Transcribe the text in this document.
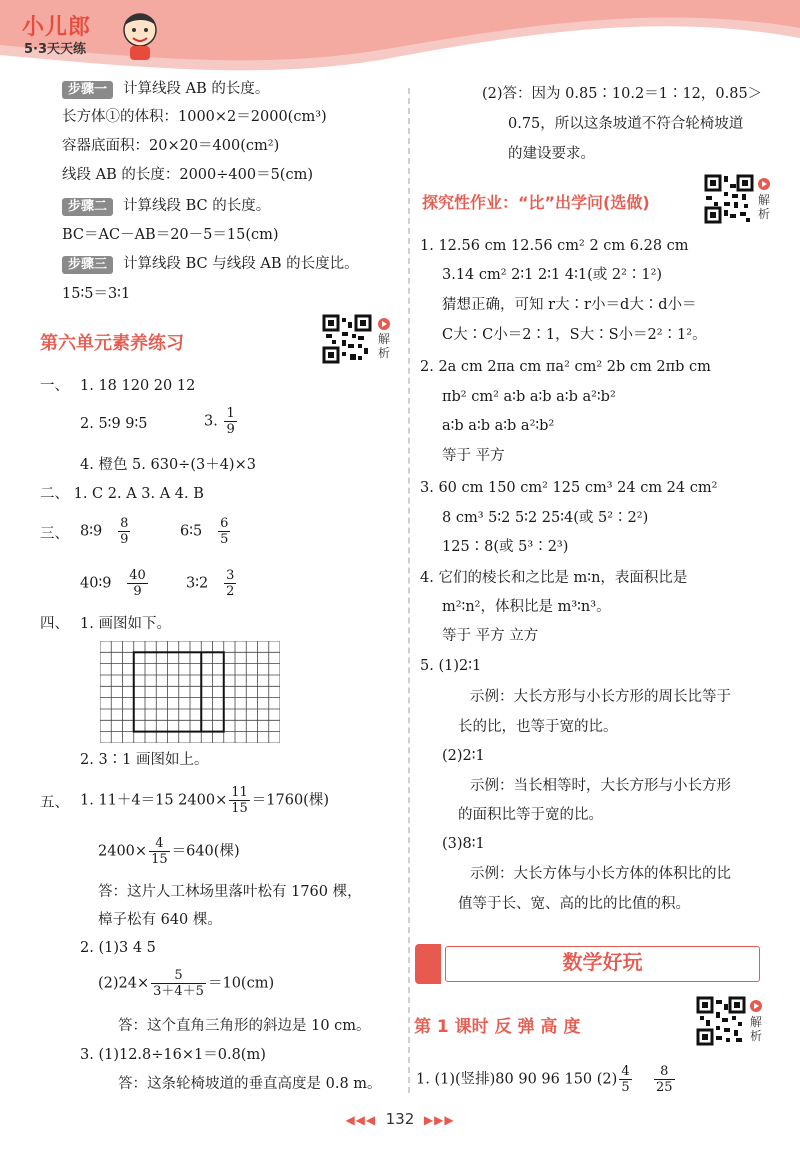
小儿郎
5·3天天练
步骤一 计算线段 AB 的长度。
长方体①的体积：1000×2＝2000(cm³)
容器底面积：20×20＝400(cm²)
线段 AB 的长度：2000÷400＝5(cm)
步骤二 计算线段 BC 的长度。
BC＝AC－AB＝20－5＝15(cm)
步骤三 计算线段 BC 与线段 AB 的长度比。
15∶5＝3∶1
第六单元素养练习	解析
一、 1. 18 120 20 12
2. 5∶9 9∶5	3. $\frac{1}{9}$
4. 橙色 5. 630÷(3＋4)×3
二、 1. C 2. A 3. A 4. B
三、 8∶9 $\frac{8}{9}$	6∶5 $\frac{6}{5}$
40∶9 $\frac{40}{9}$	3∶2 $\frac{3}{2}$
四、 1. 画图如下。
2. 3∶1 画图如上。
五、 1. 11＋4＝15 $2400\times \frac{11}{15} =1760$(棵)
$2400\times \frac{4}{15} =640$(棵)
答：这片人工林场里落叶松有 1760 棵，
樟子松有 640 棵。
2. (1)3 4 5
$(2)24\times \frac{5}{3+4+5} =10(cm)$
答：这个直角三角形的斜边是 10 cm。
3. (1)12.8÷16×1＝0.8(m)
答：这条轮椅坡道的垂直高度是 0.8 m。
(2)答：因为 0.85∶10.2＝1∶12，0.85＞
0.75，所以这条坡道不符合轮椅坡道
的建设要求。
探究性作业：“比”出学问(选做)	解析
1. 12.56 cm 12.56 cm² 2 cm 6.28 cm
3.14 cm² 2∶1 2∶1 4∶1(或 2²∶1²)
猜想正确，可知 r大∶r小＝d大∶d小＝
C大∶C小＝2∶1，S大∶S小＝2²∶1²。
2. 2a cm 2πa cm πa² cm² 2b cm 2πb cm
πb² cm² a∶b a∶b a∶b a²∶b²
a∶b a∶b a∶b a²∶b²
等于 平方
3. 60 cm 150 cm² 125 cm³ 24 cm 24 cm²
8 cm³ 5∶2 5∶2 25∶4(或 5²∶2²)
125∶8(或 5³∶2³)
4. 它们的棱长和之比是 m∶n，表面积比是
m²∶n²，体积比是 m³∶n³。
等于 平方 立方
5. (1)2∶1
示例：大长方形与小长方形的周长比等于
长的比，也等于宽的比。
(2)2∶1
示例：当长相等时，大长方形与小长方形
的面积比等于宽的比。
(3)8∶1
示例：大长方体与小长方体的体积比的比
值等于长、宽、高的比的比值的积。
数学好玩
第 1 课时 反 弹 高 度	解析
1. (1)(竖排)80 90 96 150 $(2) \frac{4}{5}$
$\frac{8}{25}$
◀◀◀ 132 ▶▶▶
